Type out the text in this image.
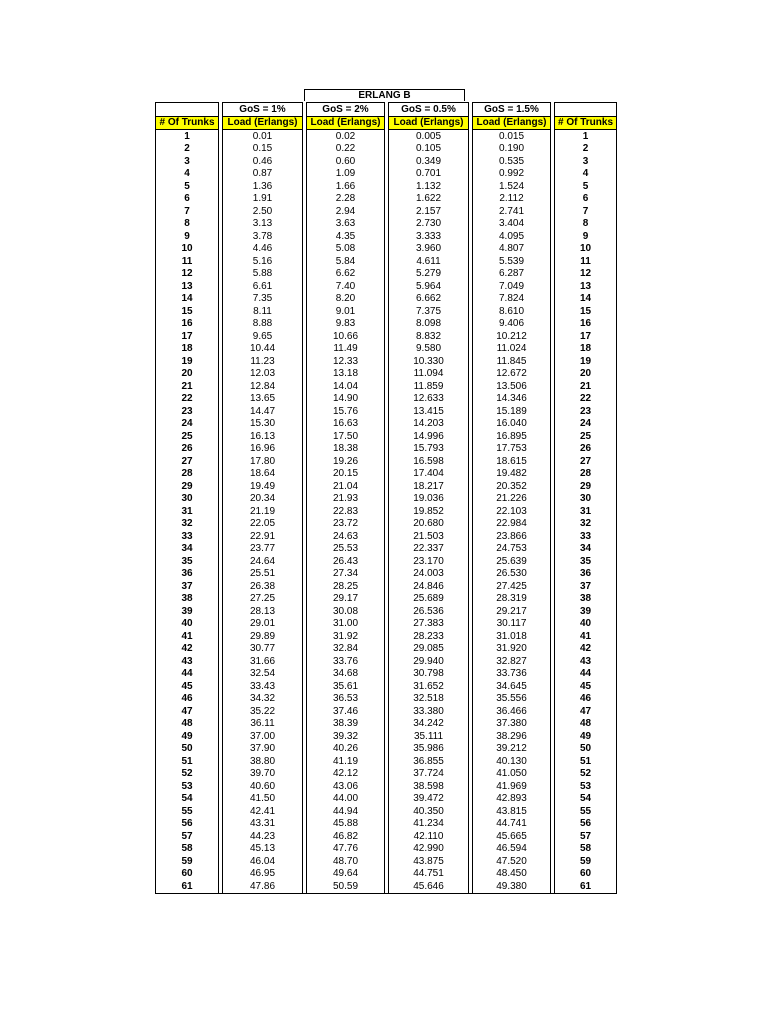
ERLANG B
		GoS = 1%		GoS = 2%		GoS = 0.5%		GoS = 1.5%		
# Of Trunks		Load (Erlangs)		Load (Erlangs)		Load (Erlangs)		Load (Erlangs)		# Of Trunks
1		0.01		0.02		0.005		0.015		1
2		0.15		0.22		0.105		0.190		2
3		0.46		0.60		0.349		0.535		3
4		0.87		1.09		0.701		0.992		4
5		1.36		1.66		1.132		1.524		5
6		1.91		2.28		1.622		2.112		6
7		2.50		2.94		2.157		2.741		7
8		3.13		3.63		2.730		3.404		8
9		3.78		4.35		3.333		4.095		9
10		4.46		5.08		3.960		4.807		10
11		5.16		5.84		4.611		5.539		11
12		5.88		6.62		5.279		6.287		12
13		6.61		7.40		5.964		7.049		13
14		7.35		8.20		6.662		7.824		14
15		8.11		9.01		7.375		8.610		15
16		8.88		9.83		8.098		9.406		16
17		9.65		10.66		8.832		10.212		17
18		10.44		11.49		9.580		11.024		18
19		11.23		12.33		10.330		11.845		19
20		12.03		13.18		11.094		12.672		20
21		12.84		14.04		11.859		13.506		21
22		13.65		14.90		12.633		14.346		22
23		14.47		15.76		13.415		15.189		23
24		15.30		16.63		14.203		16.040		24
25		16.13		17.50		14.996		16.895		25
26		16.96		18.38		15.793		17.753		26
27		17.80		19.26		16.598		18.615		27
28		18.64		20.15		17.404		19.482		28
29		19.49		21.04		18.217		20.352		29
30		20.34		21.93		19.036		21.226		30
31		21.19		22.83		19.852		22.103		31
32		22.05		23.72		20.680		22.984		32
33		22.91		24.63		21.503		23.866		33
34		23.77		25.53		22.337		24.753		34
35		24.64		26.43		23.170		25.639		35
36		25.51		27.34		24.003		26.530		36
37		26.38		28.25		24.846		27.425		37
38		27.25		29.17		25.689		28.319		38
39		28.13		30.08		26.536		29.217		39
40		29.01		31.00		27.383		30.117		40
41		29.89		31.92		28.233		31.018		41
42		30.77		32.84		29.085		31.920		42
43		31.66		33.76		29.940		32.827		43
44		32.54		34.68		30.798		33.736		44
45		33.43		35.61		31.652		34.645		45
46		34.32		36.53		32.518		35.556		46
47		35.22		37.46		33.380		36.466		47
48		36.11		38.39		34.242		37.380		48
49		37.00		39.32		35.111		38.296		49
50		37.90		40.26		35.986		39.212		50
51		38.80		41.19		36.855		40.130		51
52		39.70		42.12		37.724		41.050		52
53		40.60		43.06		38.598		41.969		53
54		41.50		44.00		39.472		42.893		54
55		42.41		44.94		40.350		43.815		55
56		43.31		45.88		41.234		44.741		56
57		44.23		46.82		42.110		45.665		57
58		45.13		47.76		42.990		46.594		58
59		46.04		48.70		43.875		47.520		59
60		46.95		49.64		44.751		48.450		60
61		47.86		50.59		45.646		49.380		61
